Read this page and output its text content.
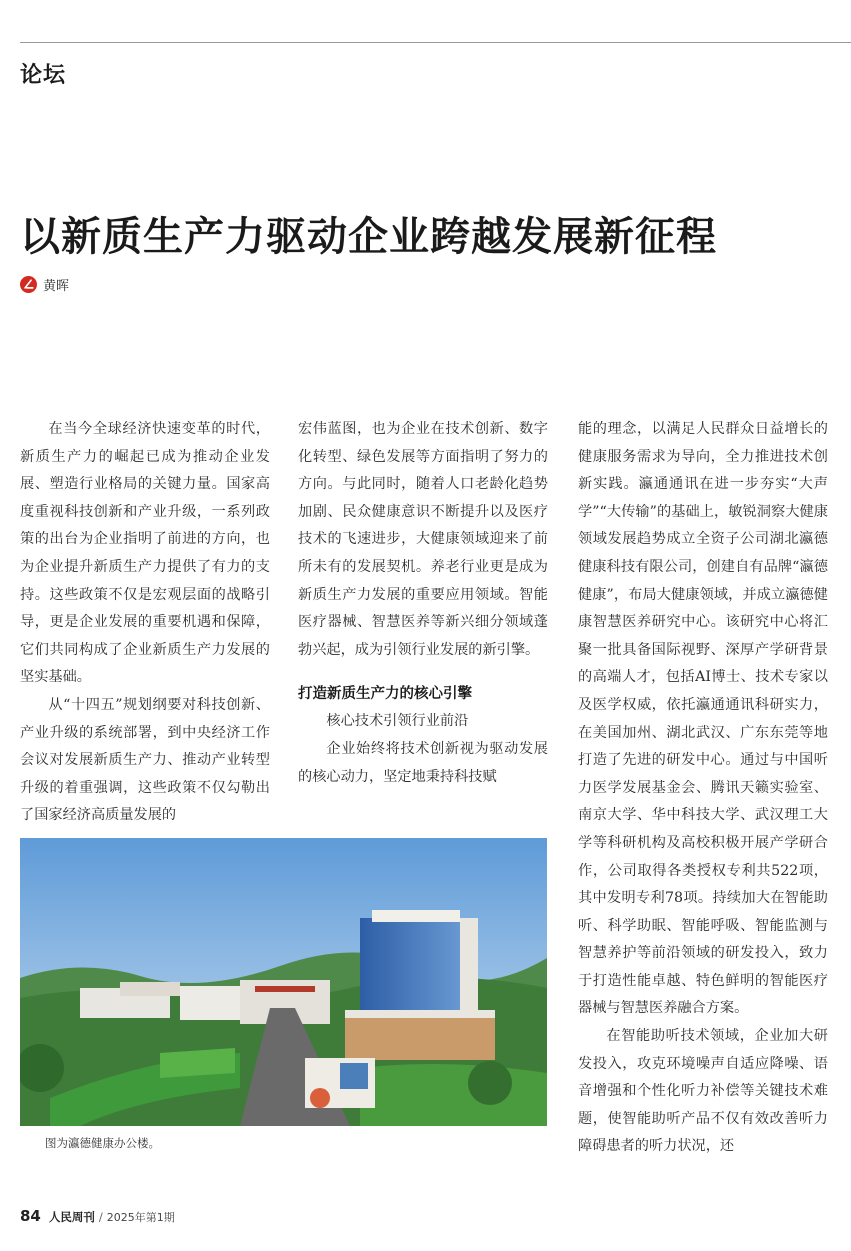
论坛
以新质生产力驱动企业跨越发展新征程
黄晖

在当今全球经济快速变革的时代，新质生产力的崛起已成为推动企业发展、塑造行业格局的关键力量。国家高度重视科技创新和产业升级，一系列政策的出台为企业指明了前进的方向，也为企业提升新质生产力提供了有力的支持。这些政策不仅是宏观层面的战略引导，更是企业发展的重要机遇和保障，它们共同构成了企业新质生产力发展的坚实基础。

从“十四五”规划纲要对科技创新、产业升级的系统部署，到中央经济工作会议对发展新质生产力、推动产业转型升级的着重强调，这些政策不仅勾勒出了国家经济高质量发展的

宏伟蓝图，也为企业在技术创新、数字化转型、绿色发展等方面指明了努力的方向。与此同时，随着人口老龄化趋势加剧、民众健康意识不断提升以及医疗技术的飞速进步，大健康领域迎来了前所未有的发展契机。养老行业更是成为新质生产力发展的重要应用领域。智能医疗器械、智慧医养等新兴细分领域蓬勃兴起，成为引领行业发展的新引擎。

打造新质生产力的核心引擎

核心技术引领行业前沿

企业始终将技术创新视为驱动发展的核心动力，坚定地秉持科技赋

能的理念，以满足人民群众日益增长的健康服务需求为导向，全力推进技术创新实践。瀛通通讯在进一步夯实“大声学”“大传输”的基础上，敏锐洞察大健康领域发展趋势成立全资子公司湖北瀛德健康科技有限公司，创建自有品牌“瀛德健康”，布局大健康领域，并成立瀛德健康智慧医养研究中心。该研究中心将汇聚一批具备国际视野、深厚产学研背景的高端人才，包括AI博士、技术专家以及医学权威，依托瀛通通讯科研实力，在美国加州、湖北武汉、广东东莞等地打造了先进的研发中心。通过与中国听力医学发展基金会、腾讯天籁实验室、南京大学、华中科技大学、武汉理工大学等科研机构及高校积极开展产学研合作，公司取得各类授权专利共522项，其中发明专利78项。持续加大在智能助听、科学助眠、智能呼吸、智能监测与智慧养护等前沿领域的研发投入，致力于打造性能卓越、特色鲜明的智能医疗器械与智慧医养融合方案。

在智能助听技术领域，企业加大研发投入，攻克环境噪声自适应降噪、语音增强和个性化听力补偿等关键技术难题，使智能助听产品不仅有效改善听力障碍患者的听力状况，还

图为瀛德健康办公楼。
84 人民周刊 / 2025年第1期
